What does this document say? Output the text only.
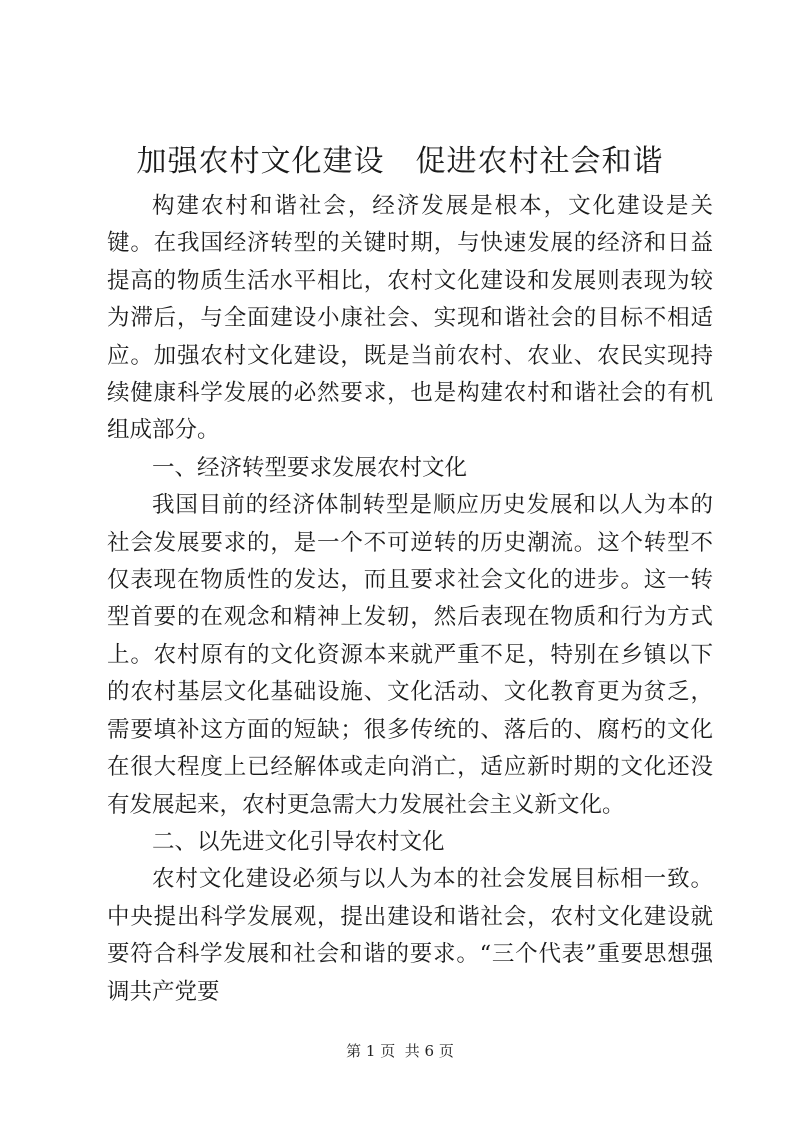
加强农村文化建设　促进农村社会和谐

构建农村和谐社会，经济发展是根本，文化建设是关键。在我国经济转型的关键时期，与快速发展的经济和日益提高的物质生活水平相比，农村文化建设和发展则表现为较为滞后，与全面建设小康社会、实现和谐社会的目标不相适应。加强农村文化建设，既是当前农村、农业、农民实现持续健康科学发展的必然要求，也是构建农村和谐社会的有机组成部分。

一、经济转型要求发展农村文化

我国目前的经济体制转型是顺应历史发展和以人为本的社会发展要求的，是一个不可逆转的历史潮流。这个转型不仅表现在物质性的发达，而且要求社会文化的进步。这一转型首要的在观念和精神上发轫，然后表现在物质和行为方式上。农村原有的文化资源本来就严重不足，特别在乡镇以下的农村基层文化基础设施、文化活动、文化教育更为贫乏，需要填补这方面的短缺；很多传统的、落后的、腐朽的文化在很大程度上已经解体或走向消亡，适应新时期的文化还没有发展起来，农村更急需大力发展社会主义新文化。

二、以先进文化引导农村文化

农村文化建设必须与以人为本的社会发展目标相一致。中央提出科学发展观，提出建设和谐社会，农村文化建设就要符合科学发展和社会和谐的要求。“三个代表”重要思想强调共产党要

第 1 页  共 6 页
